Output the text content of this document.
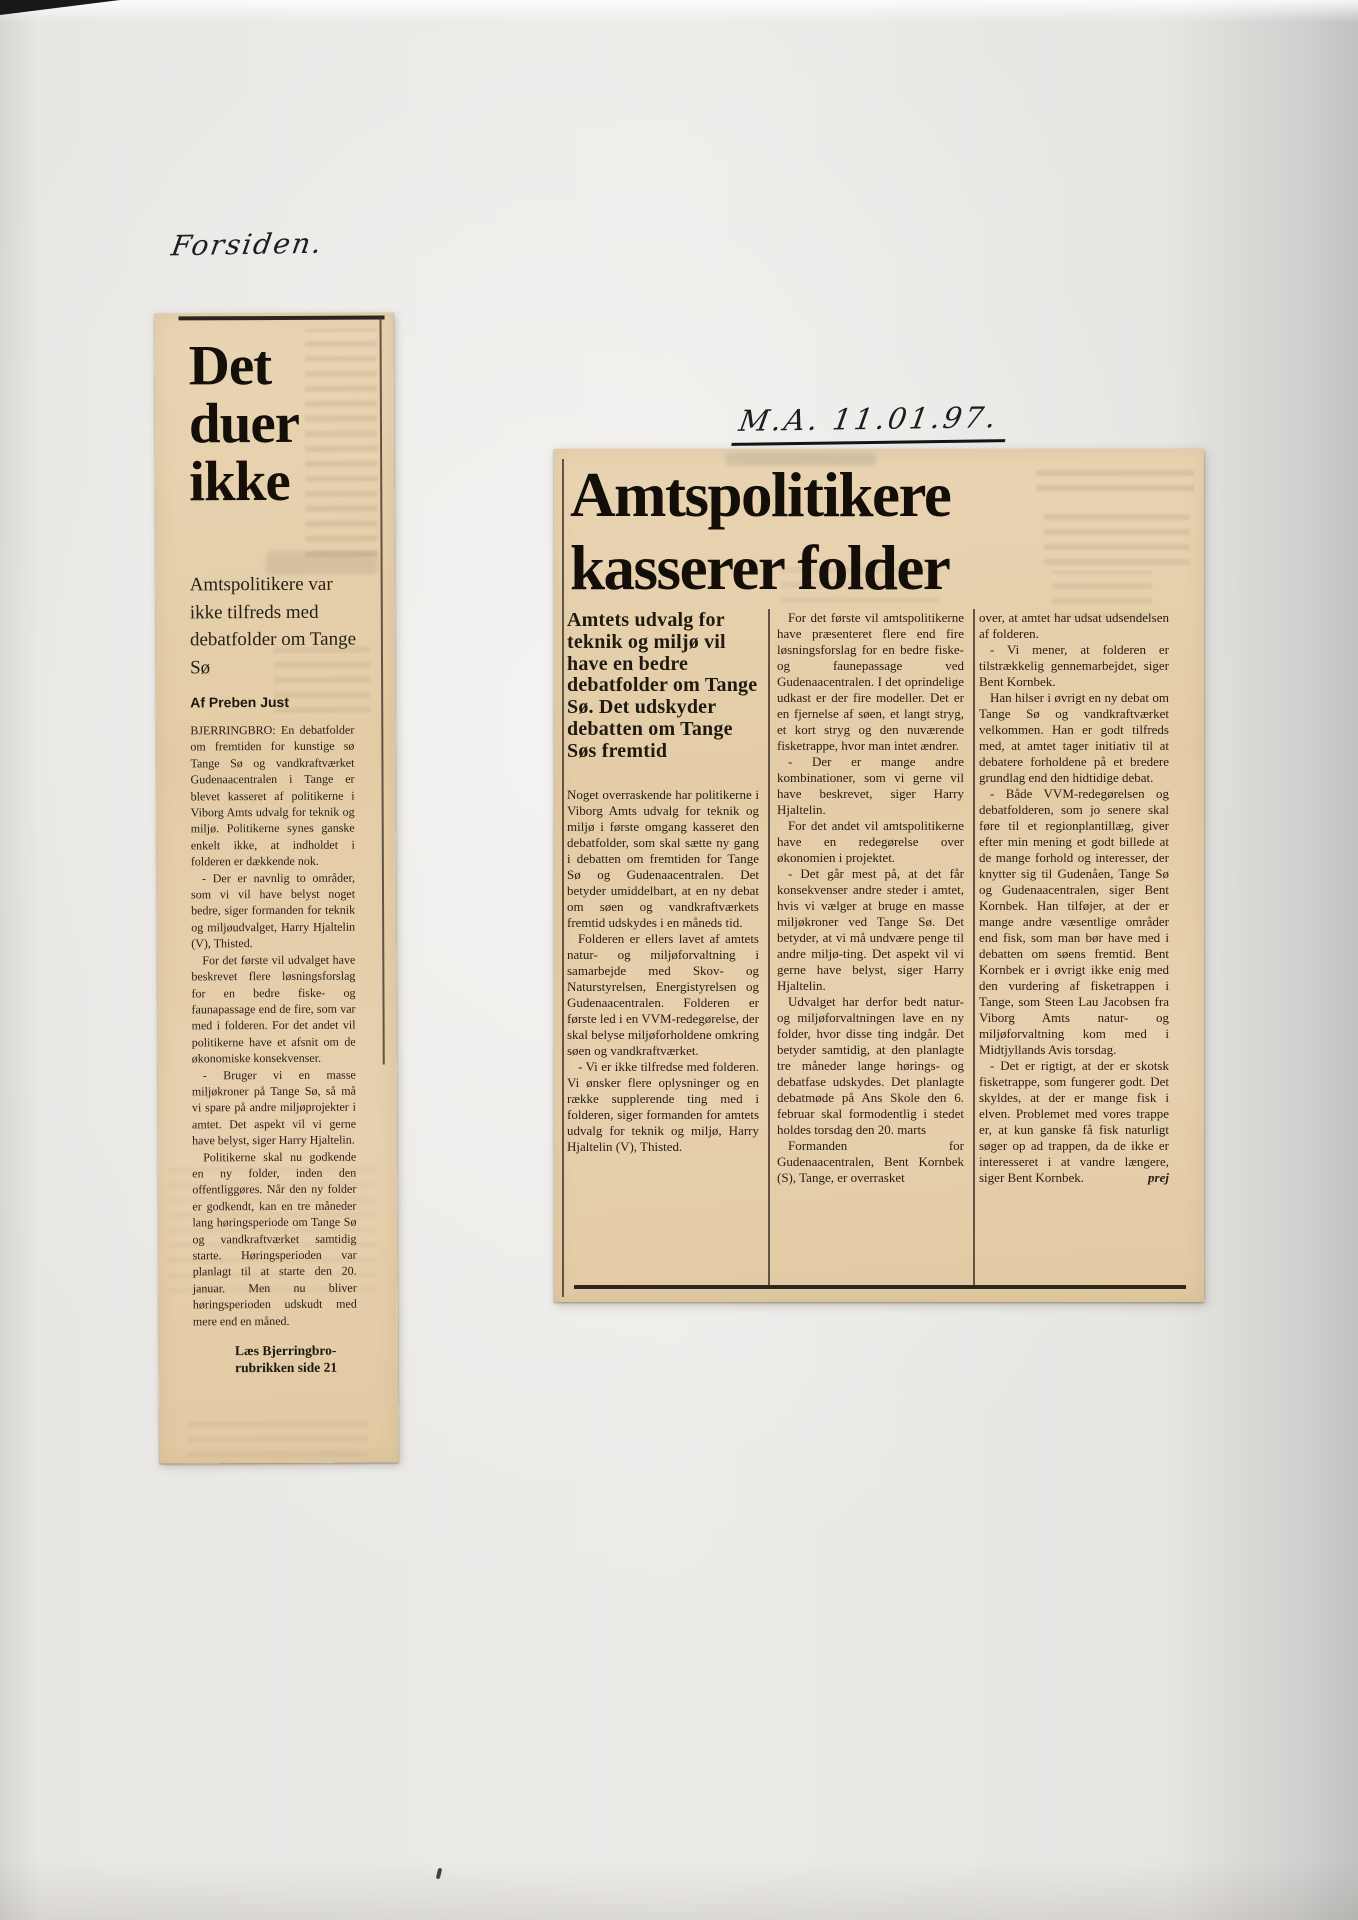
Forsiden.
M.A. 11.01.97.
Det
duer
ikke
Amtspolitikere var ikke tilfreds med debatfolder om Tange Sø
Af Preben Just

BJERRINGBRO: En debatfolder om fremtiden for kunstige sø Tange Sø og vandkraftværket Gudenaacentralen i Tange er blevet kasseret af politikerne i Viborg Amts udvalg for teknik og miljø. Politikerne synes ganske enkelt ikke, at indholdet i folderen er dækkende nok.

- Der er navnlig to områder, som vi vil have belyst noget bedre, siger formanden for teknik og miljøudvalget, Harry Hjaltelin (V), Thisted.

For det første vil udvalget have beskrevet flere løsningsforslag for en bedre fiske- og faunapassage end de fire, som var med i folderen. For det andet vil politikerne have et afsnit om de økonomiske konsekvenser.

- Bruger vi en masse miljøkroner på Tange Sø, så må vi spare på andre miljøprojekter i amtet. Det aspekt vil vi gerne have belyst, siger Harry Hjaltelin.

Politikerne skal nu godkende en ny folder, inden den offentliggøres. Når den ny folder er godkendt, kan en tre måneder lang høringsperiode om Tange Sø og vandkraftværket samtidig starte. Høringsperioden var planlagt til at starte den 20. januar. Men nu bliver høringsperioden udskudt med mere end en måned.

Læs Bjerringbro-
rubrikken side 21
Amtspolitikere
kasserer folder
Amtets udvalg for teknik og miljø vil have en bedre debatfolder om Tange Sø. Det udskyder debatten om Tange Søs fremtid

Noget overraskende har politikerne i Viborg Amts udvalg for teknik og miljø i første omgang kasseret den debatfolder, som skal sætte ny gang i debatten om fremtiden for Tange Sø og Gudenaacentralen. Det betyder umiddelbart, at en ny debat om søen og vandkraftværkets fremtid udskydes i en måneds tid.

Folderen er ellers lavet af amtets natur- og miljøforvaltning i samarbejde med Skov- og Naturstyrelsen, Energistyrelsen og Gudenaacentralen. Folderen er første led i en VVM-redegørelse, der skal belyse miljøforholdene omkring søen og vandkraftværket.

- Vi er ikke tilfredse med folderen. Vi ønsker flere oplysninger og en række supplerende ting med i folderen, siger formanden for amtets udvalg for teknik og miljø, Harry Hjaltelin (V), Thisted.

For det første vil amtspolitikerne have præsenteret flere end fire løsningsforslag for en bedre fiske- og faunepassage ved Gudenaacentralen. I det oprindelige udkast er der fire modeller. Det er en fjernelse af søen, et langt stryg, et kort stryg og den nuværende fisketrappe, hvor man intet ændrer.

- Der er mange andre kombinationer, som vi gerne vil have beskrevet, siger Harry Hjaltelin.

For det andet vil amtspolitikerne have en redegørelse over økonomien i projektet.

- Det går mest på, at det får konsekvenser andre steder i amtet, hvis vi vælger at bruge en masse miljøkroner ved Tange Sø. Det betyder, at vi må undvære penge til andre miljø-ting. Det aspekt vil vi gerne have belyst, siger Harry Hjaltelin.

Udvalget har derfor bedt natur- og miljøforvaltningen lave en ny folder, hvor disse ting indgår. Det betyder samtidig, at den planlagte tre måneder lange hørings- og debatfase udskydes. Det planlagte debatmøde på Ans Skole den 6. februar skal formodentlig i stedet holdes torsdag den 20. marts

Formanden for Gudenaacentralen, Bent Kornbek (S), Tange, er overrasket

over, at amtet har udsat udsendelsen af folderen.

- Vi mener, at folderen er tilstrækkelig gennemarbejdet, siger Bent Kornbek.

Han hilser i øvrigt en ny debat om Tange Sø og vandkraftværket velkommen. Han er godt tilfreds med, at amtet tager initiativ til at debatere forholdene på et bredere grundlag end den hidtidige debat.

- Både VVM-redegørelsen og debatfolderen, som jo senere skal føre til et regionplantillæg, giver efter min mening et godt billede at de mange forhold og interesser, der knytter sig til Gudenåen, Tange Sø og Gudenaacentralen, siger Bent Kornbek. Han tilføjer, at der er mange andre væsentlige områder end fisk, som man bør have med i debatten om søens fremtid. Bent Kornbek er i øvrigt ikke enig med den vurdering af fisketrappen i Tange, som Steen Lau Jacobsen fra Viborg Amts natur- og miljøforvaltning kom med i Midtjyllands Avis torsdag.

- Det er rigtigt, at der er skotsk fisketrappe, som fungerer godt. Det skyldes, at der er mange fisk i elven. Problemet med vores trappe er, at kun ganske få fisk naturligt søger op ad trappen, da de ikke er interesseret i at vandre længere, siger Bent Kornbek.	prej
